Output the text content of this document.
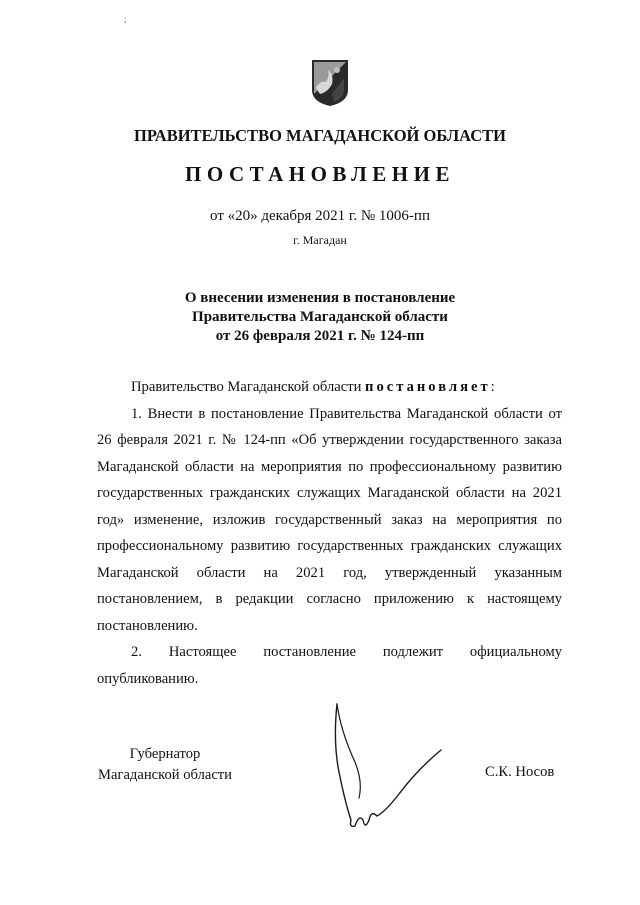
;
ПРАВИТЕЛЬСТВО МАГАДАНСКОЙ ОБЛАСТИ
ПОСТАНОВЛЕНИЕ
от «20» декабря 2021 г. № 1006-пп
г. Магадан
О внесении изменения в постановление
Правительства Магаданской области
от 26 февраля 2021 г. № 124-пп

Правительство Магаданской области постановляет:

1. Внести в постановление Правительства Магаданской области от 26 февраля 2021 г. № 124-пп «Об утверждении государственного заказа Магаданской области на мероприятия по профессиональному развитию государственных гражданских служащих Магаданской области на 2021 год» изменение, изложив государственный заказ на мероприятия по профессиональному развитию государственных гражданских служащих Магаданской области на 2021 год, утвержденный указанным постановлением, в редакции согласно приложению к настоящему постановлению.

2. Настоящее постановление подлежит официальному опубликованию.

Губернатор
Магаданской области	С.К. Носов
